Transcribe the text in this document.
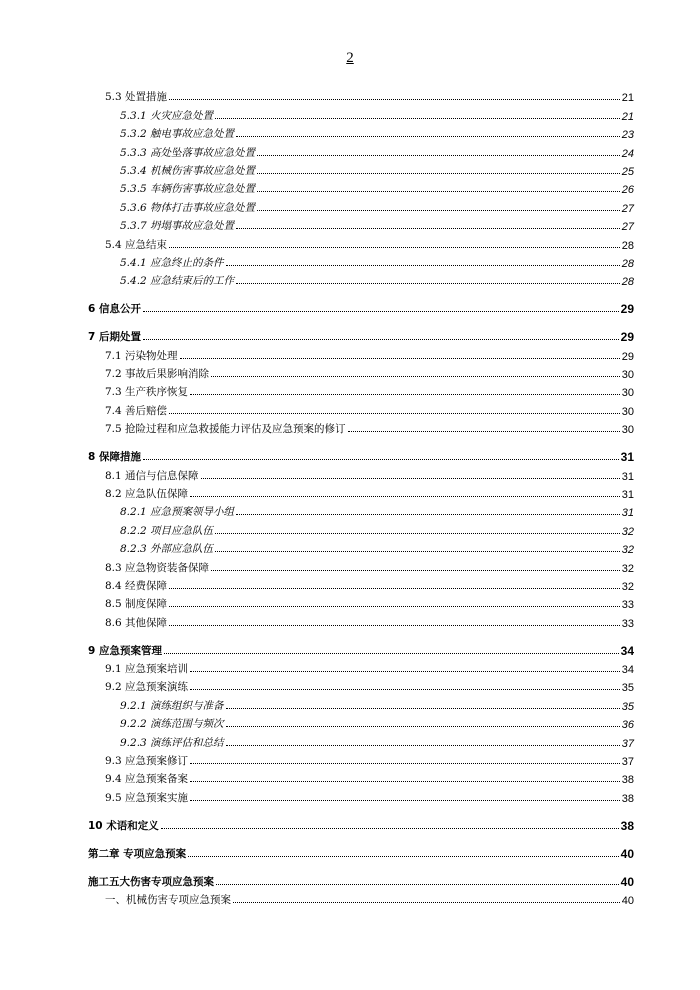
2
5.3 处置措施	21
5.3.1 火灾应急处置	21
5.3.2 触电事故应急处置	23
5.3.3 高处坠落事故应急处置	24
5.3.4 机械伤害事故应急处置	25
5.3.5 车辆伤害事故应急处置	26
5.3.6 物体打击事故应急处置	27
5.3.7 坍塌事故应急处置	27
5.4 应急结束	28
5.4.1 应急终止的条件	28
5.4.2 应急结束后的工作	28
6 信息公开	29
7 后期处置	29
7.1 污染物处理	29
7.2 事故后果影响消除	30
7.3 生产秩序恢复	30
7.4 善后赔偿	30
7.5 抢险过程和应急救援能力评估及应急预案的修订	30
8 保障措施	31
8.1 通信与信息保障	31
8.2 应急队伍保障	31
8.2.1 应急预案领导小组	31
8.2.2 项目应急队伍	32
8.2.3 外部应急队伍	32
8.3 应急物资装备保障	32
8.4 经费保障	32
8.5 制度保障	33
8.6 其他保障	33
9 应急预案管理	34
9.1 应急预案培训	34
9.2 应急预案演练	35
9.2.1 演练组织与准备	35
9.2.2 演练范围与频次	36
9.2.3 演练评估和总结	37
9.3 应急预案修订	37
9.4 应急预案备案	38
9.5 应急预案实施	38
10 术语和定义	38
第二章 专项应急预案	40
施工五大伤害专项应急预案	40
一、机械伤害专项应急预案	40
